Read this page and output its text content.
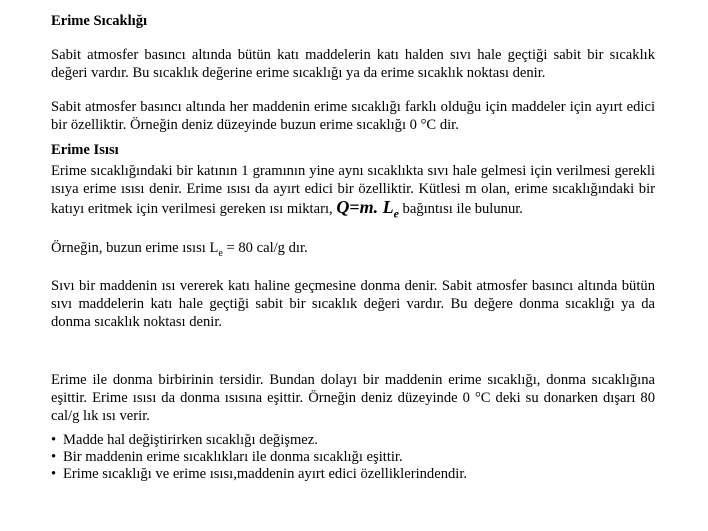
Erime Sıcaklığı

Sabit atmosfer basıncı altında bütün katı maddelerin katı halden sıvı hale geçtiği sabit bir sıcaklık değeri vardır. Bu sıcaklık değerine erime sıcaklığı ya da erime sıcaklık noktası denir.

Sabit atmosfer basıncı altında her maddenin erime sıcaklığı farklı olduğu için maddeler için ayırt edici bir özelliktir. Örneğin deniz düzeyinde buzun erime sıcaklığı 0 °C dir.

Erime Isısı

Erime sıcaklığındaki bir katının 1 gramının yine aynı sıcaklıkta sıvı hale gelmesi için verilmesi gerekli ısıya erime ısısı denir. Erime ısısı da ayırt edici bir özelliktir. Kütlesi m olan, erime sıcaklığındaki bir katıyı eritmek için verilmesi gereken ısı miktarı, Q=m. $L_e$ bağıntısı ile bulunur.

Örneğin, buzun erime ısısı $L_e = 80$ cal/g dır.

Sıvı bir maddenin ısı vererek katı haline geçmesine donma denir. Sabit atmosfer basıncı altında bütün sıvı maddelerin katı hale geçtiği sabit bir sıcaklık değeri vardır. Bu değere donma sıcaklığı ya da donma sıcaklık noktası denir.

Erime ile donma birbirinin tersidir. Bundan dolayı bir maddenin erime sıcaklığı, donma sıcaklığına eşittir. Erime ısısı da donma ısısına eşittir. Örneğin deniz düzeyinde 0 °C deki su donarken dışarı 80 cal/g lık ısı verir.

• Madde hal değiştirirken sıcaklığı değişmez.
• Bir maddenin erime sıcaklıkları ile donma sıcaklığı eşittir.
• Erime sıcaklığı ve erime ısısı,maddenin ayırt edici özelliklerindendir.
